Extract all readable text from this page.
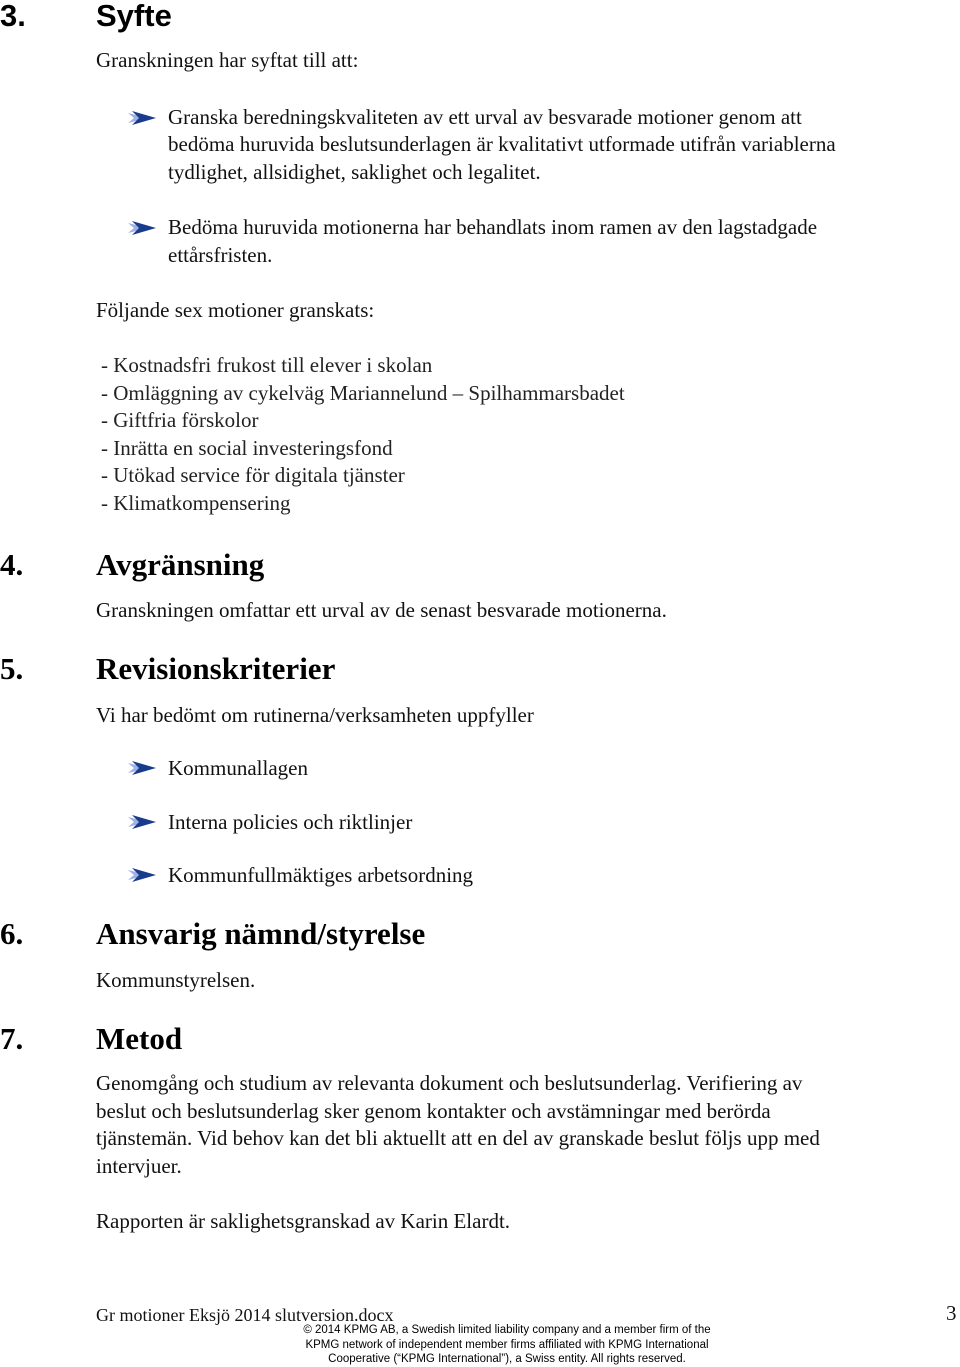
3. Syfte

Granskningen har syftat till att:

Granska beredningskvaliteten av ett urval av besvarade motioner genom att
bedöma huruvida beslutsunderlagen är kvalitativt utformade utifrån variablerna
tydlighet, allsidighet, saklighet och legalitet.
Bedöma huruvida motionerna har behandlats inom ramen av den lagstadgade
ettårsfristen.

Följande sex motioner granskats:

- Kostnadsfri frukost till elever i skolan
- Omläggning av cykelväg Mariannelund – Spilhammarsbadet
- Giftfria förskolor
- Inrätta en social investeringsfond
- Utökad service för digitala tjänster
- Klimatkompensering
4. Avgränsning

Granskningen omfattar ett urval av de senast besvarade motionerna.

5. Revisionskriterier

Vi har bedömt om rutinerna/verksamheten uppfyller

Kommunallagen
Interna policies och riktlinjer
Kommunfullmäktiges arbetsordning
6. Ansvarig nämnd/styrelse

Kommunstyrelsen.

7. Metod
Genomgång och studium av relevanta dokument och beslutsunderlag. Verifiering av
beslut och beslutsunderlag sker genom kontakter och avstämningar med berörda
tjänstemän. Vid behov kan det bli aktuellt att en del av granskade beslut följs upp med
intervjuer.

Rapporten är saklighetsgranskad av Karin Elardt.

Gr motioner Eksjö 2014 slutversion.docx	3

© 2014 KPMG AB, a Swedish limited liability company and a member firm of the
KPMG network of independent member firms affiliated with KPMG International
Cooperative (“KPMG International”), a Swiss entity. All rights reserved.
